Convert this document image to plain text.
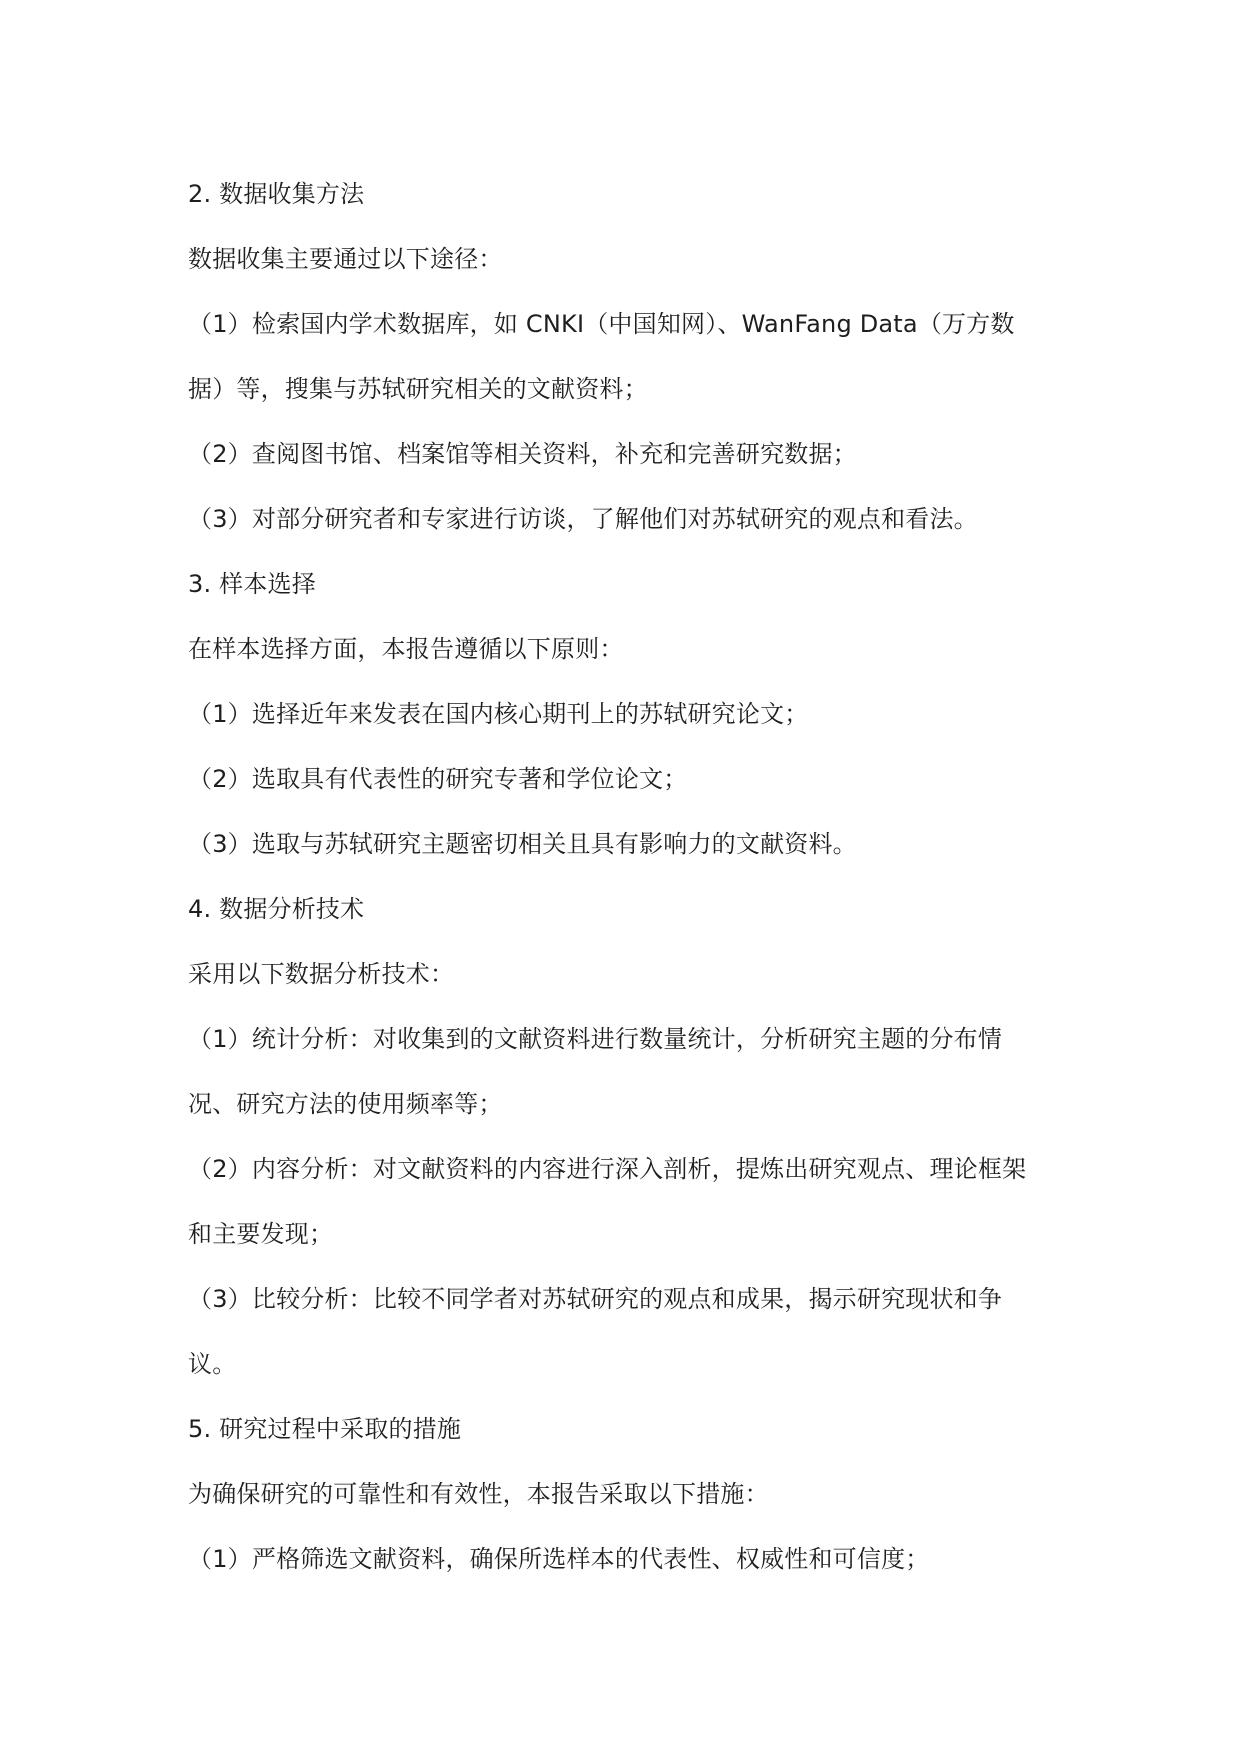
2. 数据收集方法
数据收集主要通过以下途径：
（1）检索国内学术数据库，如 CNKI（中国知网）、WanFang Data（万方数
据）等，搜集与苏轼研究相关的文献资料；
（2）查阅图书馆、档案馆等相关资料，补充和完善研究数据；
（3）对部分研究者和专家进行访谈，了解他们对苏轼研究的观点和看法。
3. 样本选择
在样本选择方面，本报告遵循以下原则：
（1）选择近年来发表在国内核心期刊上的苏轼研究论文；
（2）选取具有代表性的研究专著和学位论文；
（3）选取与苏轼研究主题密切相关且具有影响力的文献资料。
4. 数据分析技术
采用以下数据分析技术：
（1）统计分析：对收集到的文献资料进行数量统计，分析研究主题的分布情
况、研究方法的使用频率等；
（2）内容分析：对文献资料的内容进行深入剖析，提炼出研究观点、理论框架
和主要发现；
（3）比较分析：比较不同学者对苏轼研究的观点和成果，揭示研究现状和争
议。
5. 研究过程中采取的措施
为确保研究的可靠性和有效性，本报告采取以下措施：
（1）严格筛选文献资料，确保所选样本的代表性、权威性和可信度；
